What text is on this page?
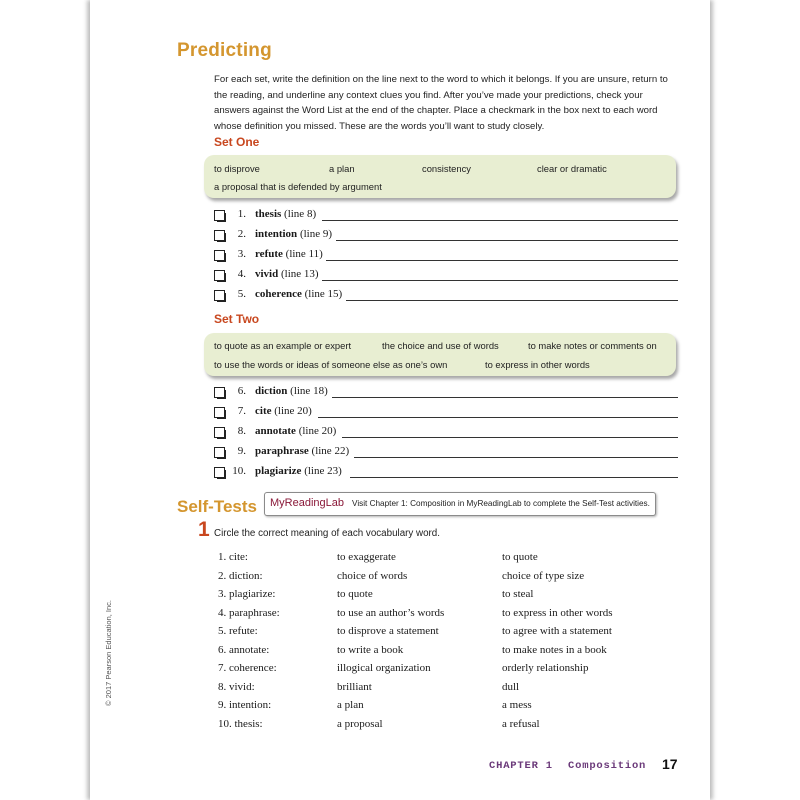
Predicting
For each set, write the definition on the line next to the word to which it belongs. If you are unsure, return to the reading, and underline any context clues you find. After you’ve made your predictions, check your answers against the Word List at the end of the chapter. Place a checkmark in the box next to each word whose definition you missed. These are the words you’ll want to study closely.
Set One
to disprove	a plan	consistency	clear or dramatic
a proposal that is defended by argument
1. thesis (line 8)
2. intention (line 9)
3. refute (line 11)
4. vivid (line 13)
5. coherence (line 15)
Set Two
to quote as an example or expert	the choice and use of words	to make notes or comments on
to use the words or ideas of someone else as one’s own	to express in other words
6. diction (line 18)
7. cite (line 20)
8. annotate (line 20)
9. paraphrase (line 22)
10. plagiarize (line 23)
Self-Tests MyReadingLab Visit Chapter 1: Composition in MyReadingLab to complete the Self-Test activities.
1 Circle the correct meaning of each vocabulary word.
1. cite:	to exaggerate	to quote
2. diction:	choice of words	choice of type size
3. plagiarize:	to quote	to steal
4. paraphrase:	to use an author’s words	to express in other words
5. refute:	to disprove a statement	to agree with a statement
6. annotate:	to write a book	to make notes in a book
7. coherence:	illogical organization	orderly relationship
8. vivid:	brilliant	dull
9. intention:	a plan	a mess
10. thesis:	a proposal	a refusal
© 2017 Pearson Education, Inc.
CHAPTER 1 Composition 17
